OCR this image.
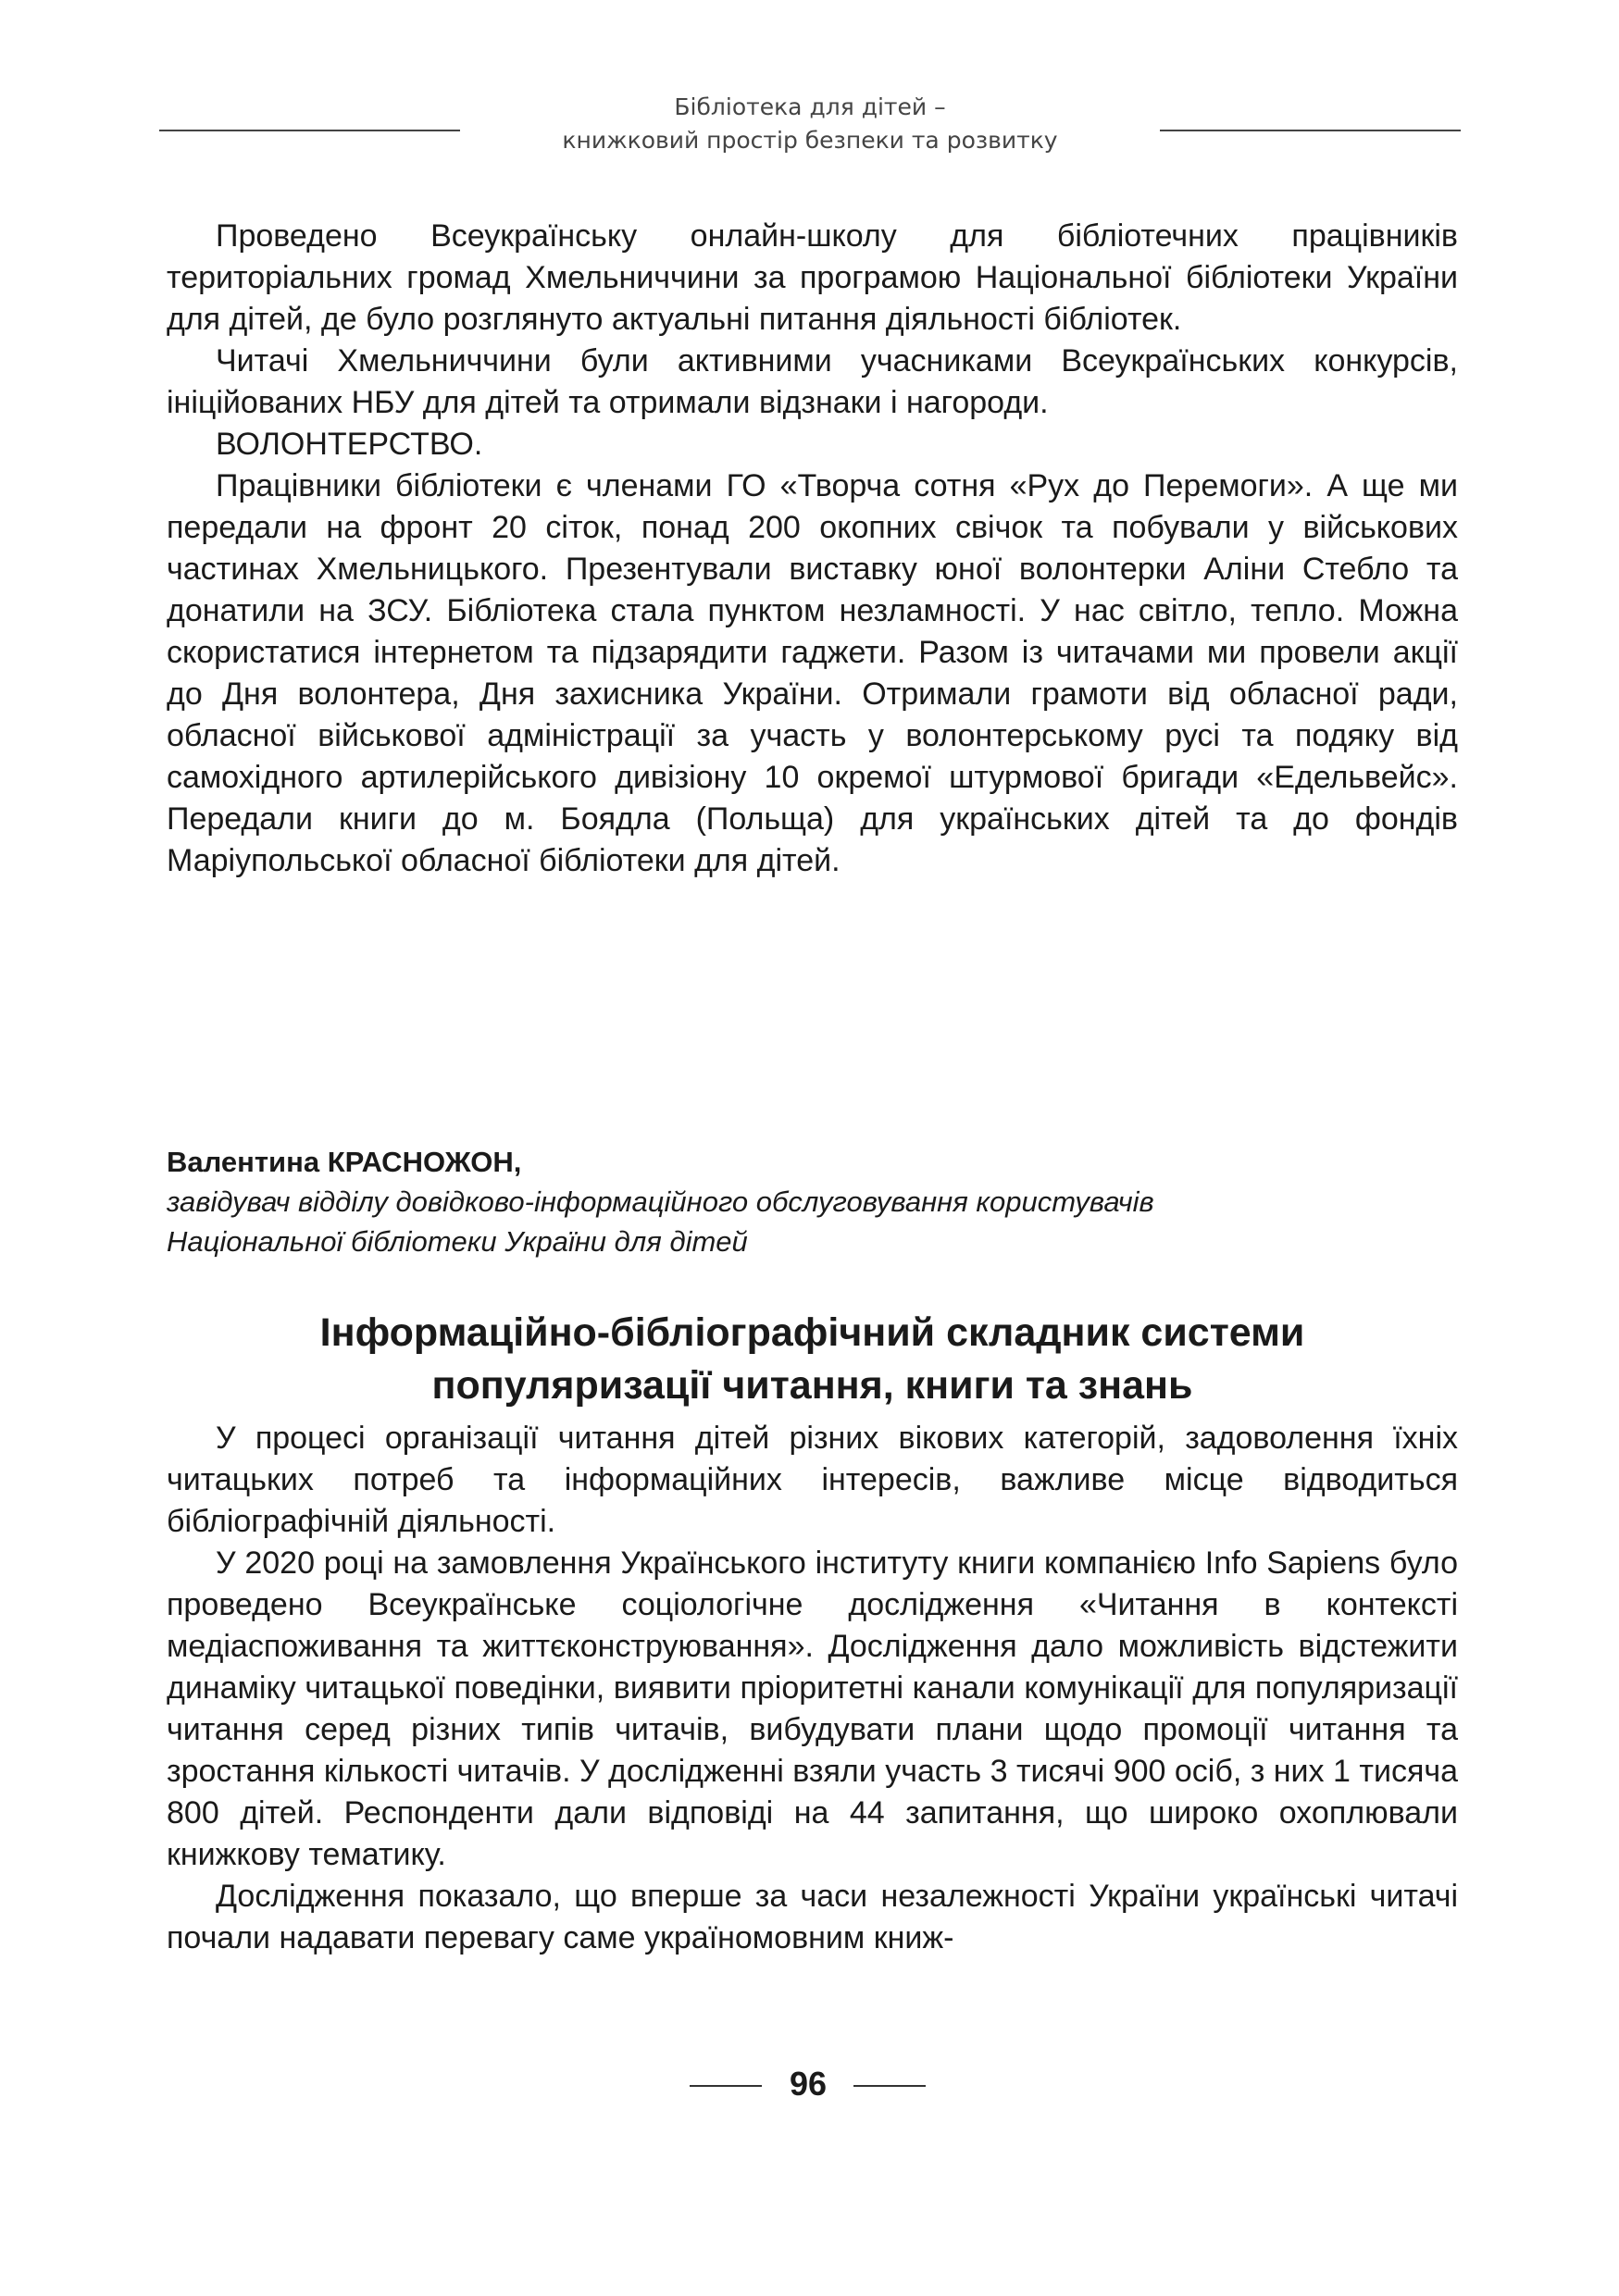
Бібліотека для дітей –
книжковий простір безпеки та розвитку

Проведено Всеукраїнську онлайн-школу для бібліотечних працівників територіальних громад Хмельниччини за програмою Національної бібліотеки України для дітей, де було розглянуто актуальні питання діяльності бібліотек.

Читачі Хмельниччини були активними учасниками Всеукраїнських конкурсів, ініційованих НБУ для дітей та отримали відзнаки і нагороди.

ВОЛОНТЕРСТВО.

Працівники бібліотеки є членами ГО «Творча сотня «Рух до Перемоги». А ще ми передали на фронт 20 сіток, понад 200 окопних свічок та побували у військових частинах Хмельницького. Презентували виставку юної волонтерки Аліни Стебло та донатили на ЗСУ. Бібліотека стала пунктом незламності. У нас світло, тепло. Можна скористатися інтернетом та підзарядити гаджети. Разом із читачами ми провели акції до Дня волонтера, Дня захисника України. Отримали грамоти від обласної ради, обласної військової адміністрації за участь у волонтерському русі та подяку від самохідного артилерійського дивізіону 10 окремої штурмової бригади «Едельвейс». Передали книги до м. Боядла (Польща) для українських дітей та до фондів Маріупольської обласної бібліотеки для дітей.

Валентина КРАСНОЖОН,
завідувач відділу довідково-інформаційного обслуговування користувачів
Національної бібліотеки України для дітей
Інформаційно-бібліографічний складник системи
популяризації читання, книги та знань

У процесі організації читання дітей різних вікових категорій, задоволення їхніх читацьких потреб та інформаційних інтересів, важливе місце відводиться бібліографічній діяльності.

У 2020 році на замовлення Українського інституту книги компанією Info Sapiens було проведено Всеукраїнське соціологічне дослідження «Читання в контексті медіаспоживання та життєконструювання». Дослідження дало можливість відстежити динаміку читацької поведінки, виявити пріоритетні канали комунікації для популяризації читання серед різних типів читачів, вибудувати плани щодо промоції читання та зростання кількості читачів. У дослідженні взяли участь 3 тисячі 900 осіб, з них 1 тисяча 800 дітей. Респонденти дали відповіді на 44 запитання, що широко охоплювали книжкову тематику.

Дослідження показало, що вперше за часи незалежності України українські читачі почали надавати перевагу саме україномовним книж-

96
